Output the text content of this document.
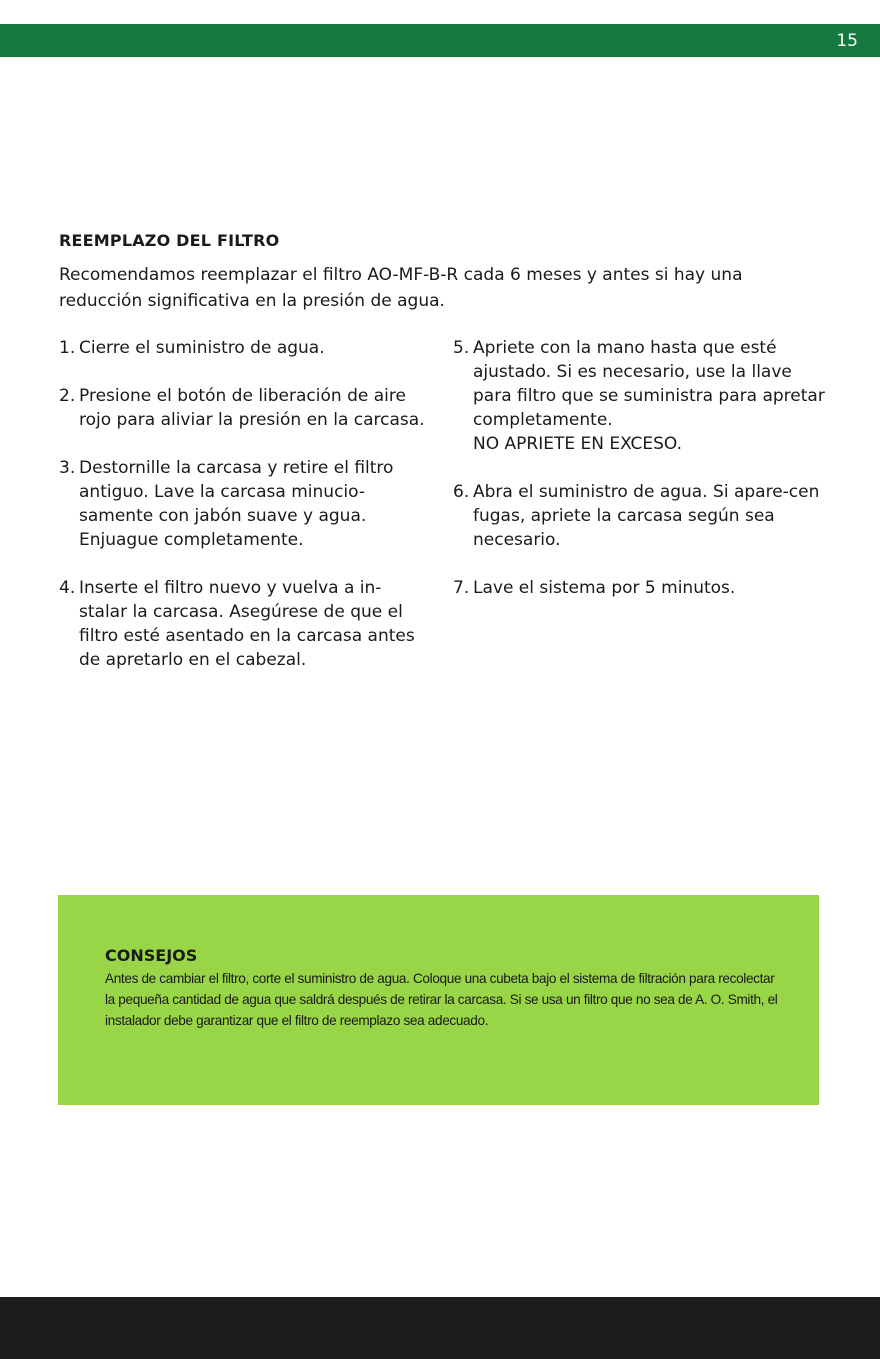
15
REEMPLAZO DEL FILTRO
Recomendamos reemplazar el filtro AO-MF-B-R cada 6 meses y antes si hay una reducción significativa en la presión de agua.
1. Cierre el suministro de agua.
2. Presione el botón de liberación de aire rojo para aliviar la presión en la carcasa.
3. Destornille la carcasa y retire el filtro antiguo. Lave la carcasa minucio-samente con jabón suave y agua. Enjuague completamente.
4. Inserte el filtro nuevo y vuelva a in-stalar la carcasa. Asegúrese de que el filtro esté asentado en la carcasa antes de apretarlo en el cabezal.
5. Apriete con la mano hasta que esté ajustado. Si es necesario, use la llave para filtro que se suministra para apretar completamente.
NO APRIETE EN EXCESO.
6. Abra el suministro de agua. Si apare-cen fugas, apriete la carcasa según sea necesario.
7. Lave el sistema por 5 minutos.
CONSEJOS
Antes de cambiar el filtro, corte el suministro de agua. Coloque una cubeta bajo el sistema de filtración para recolectar la pequeña cantidad de agua que saldrá después de retirar la carcasa. Si se usa un filtro que no sea de A. O. Smith, el instalador debe garantizar que el filtro de reemplazo sea adecuado.
